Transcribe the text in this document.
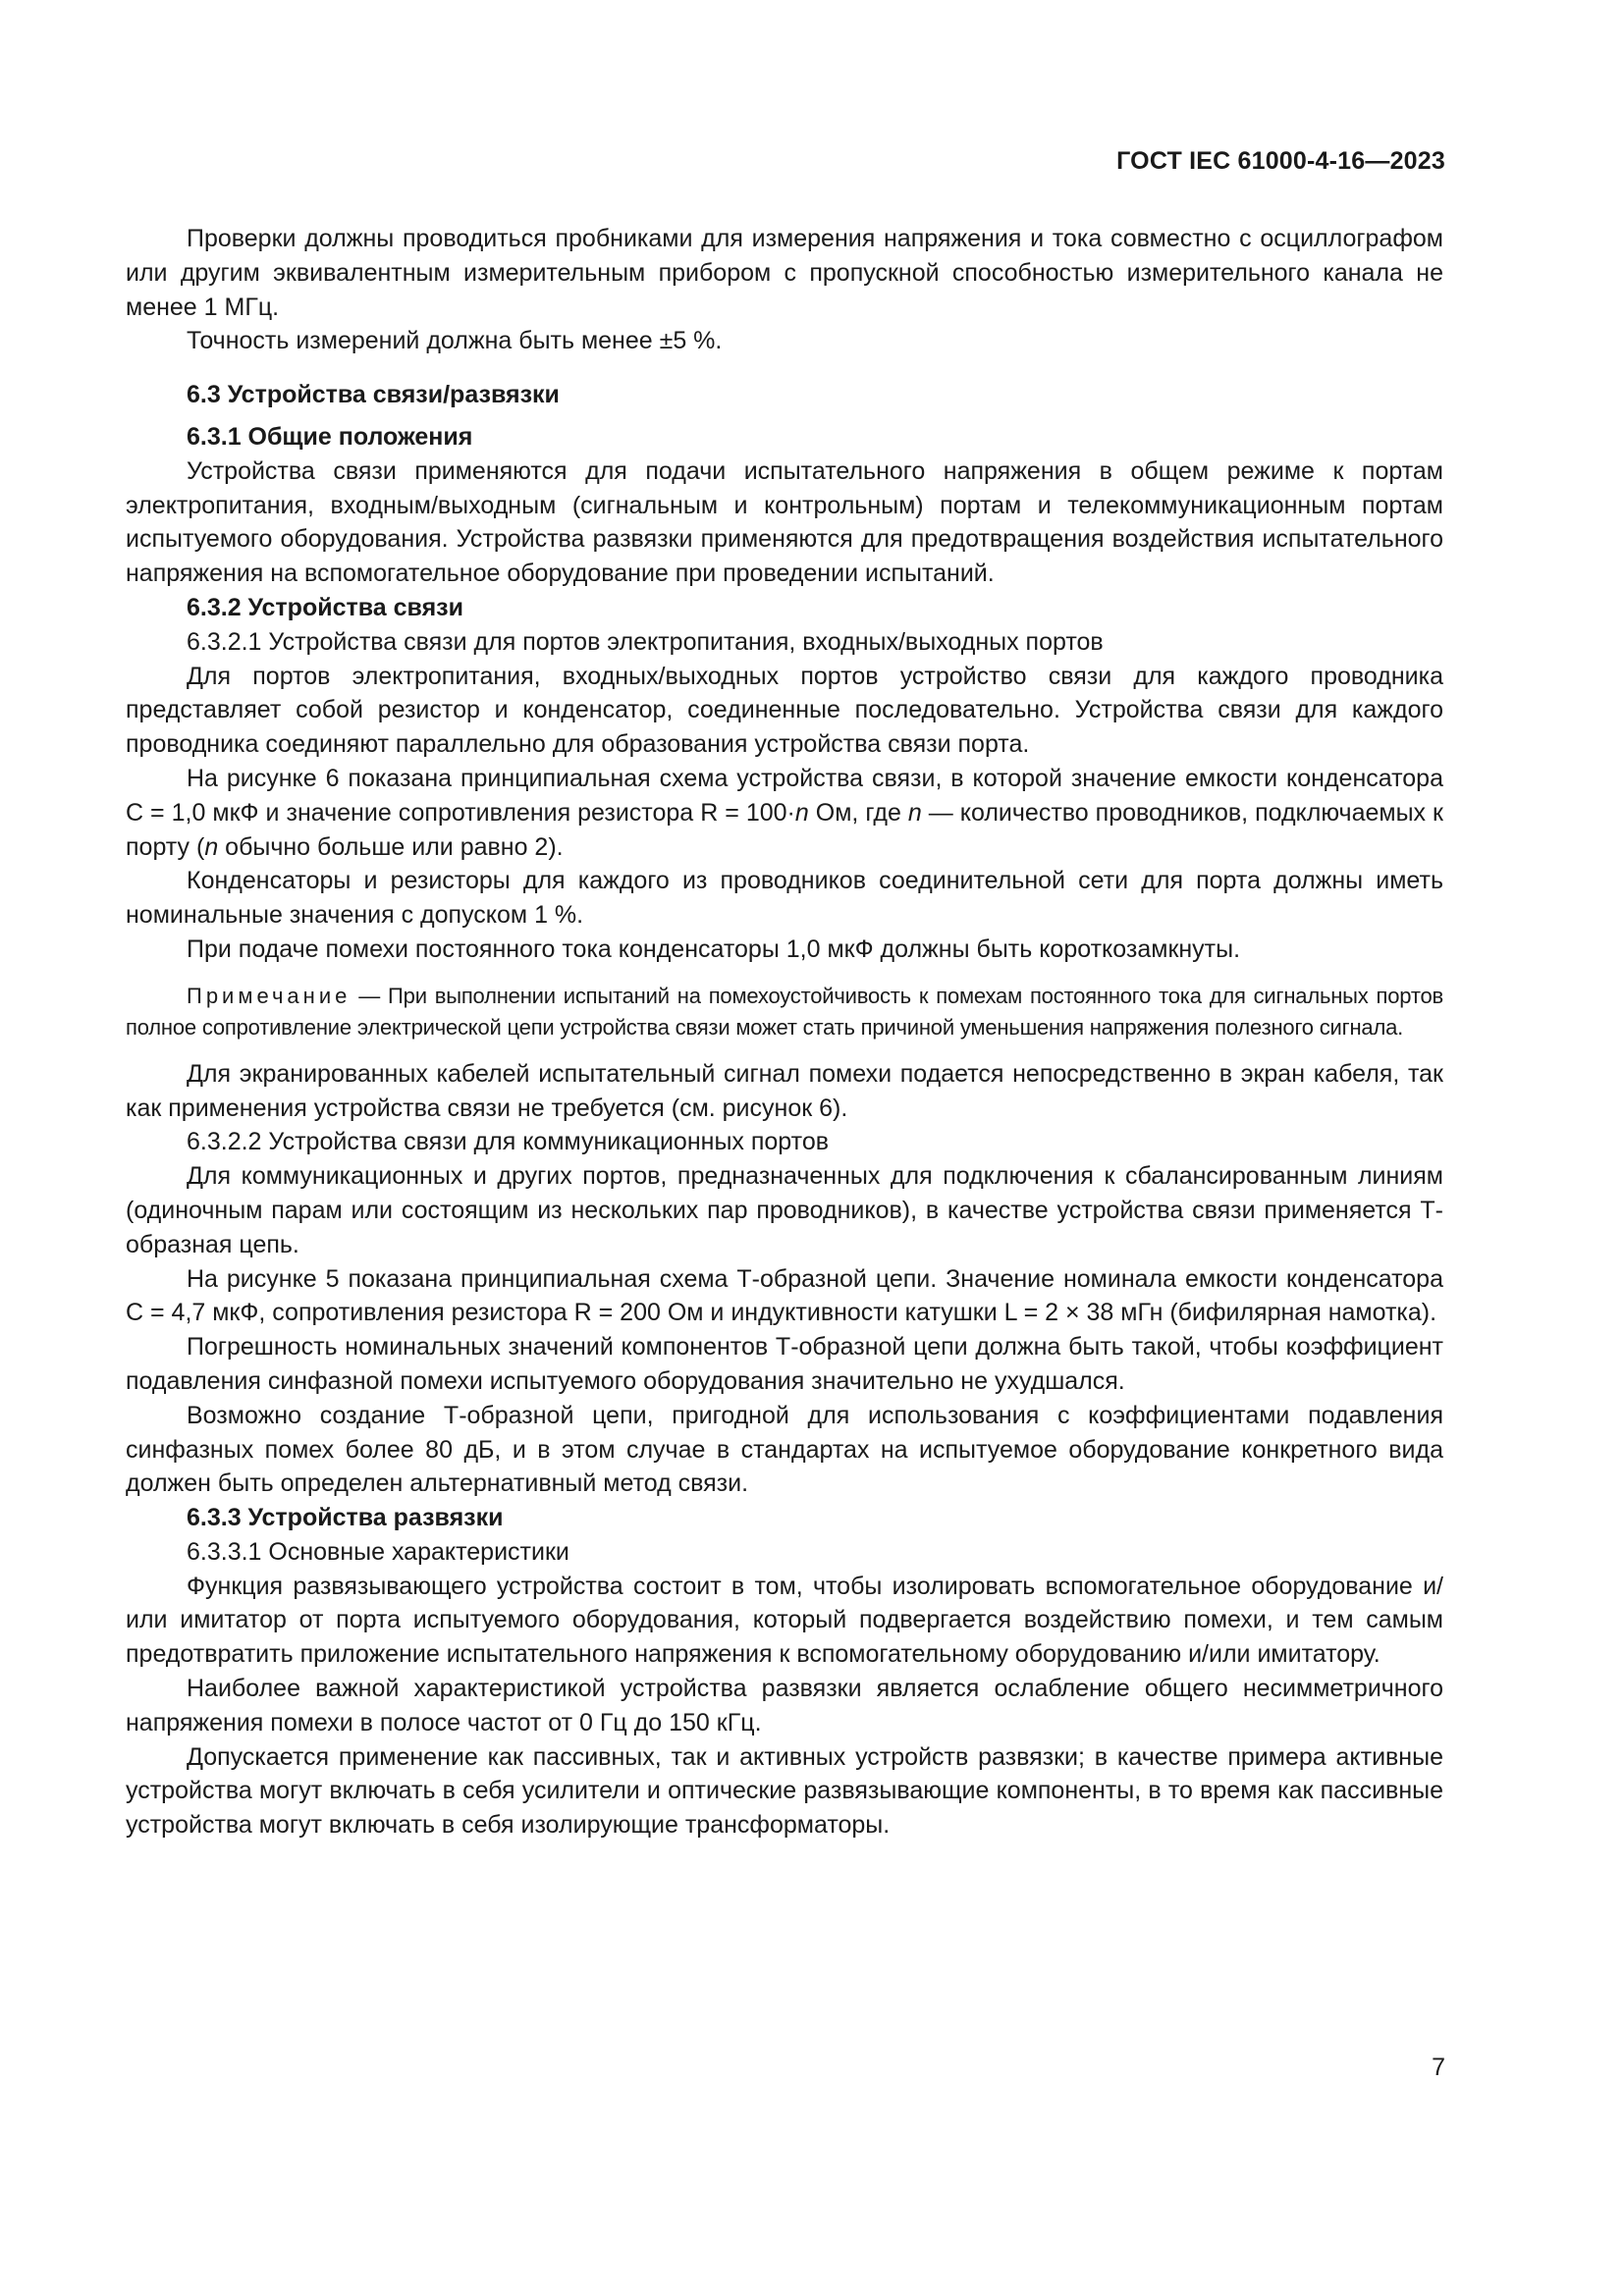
ГОСТ IEC 61000-4-16—2023

Проверки должны проводиться пробниками для измерения напряжения и тока совместно с осциллографом или другим эквивалентным измерительным прибором с пропускной способностью измерительного канала не менее 1 МГц.

Точность измерений должна быть менее ±5 %.

6.3 Устройства связи/развязки

6.3.1 Общие положения

Устройства связи применяются для подачи испытательного напряжения в общем режиме к портам электропитания, входным/выходным (сигнальным и контрольным) портам и телекоммуникационным портам испытуемого оборудования. Устройства развязки применяются для предотвращения воздействия испытательного напряжения на вспомогательное оборудование при проведении испытаний.

6.3.2 Устройства связи

6.3.2.1 Устройства связи для портов электропитания, входных/выходных портов

Для портов электропитания, входных/выходных портов устройство связи для каждого проводника представляет собой резистор и конденсатор, соединенные последовательно. Устройства связи для каждого проводника соединяют параллельно для образования устройства связи порта.

На рисунке 6 показана принципиальная схема устройства связи, в которой значение емкости конденсатора С = 1,0 мкФ и значение сопротивления резистора R = 100·n Ом, где n — количество проводников, подключаемых к порту (n обычно больше или равно 2).

Конденсаторы и резисторы для каждого из проводников соединительной сети для порта должны иметь номинальные значения с допуском 1 %.

При подаче помехи постоянного тока конденсаторы 1,0 мкФ должны быть короткозамкнуты.

Примечание — При выполнении испытаний на помехоустойчивость к помехам постоянного тока для сигнальных портов полное сопротивление электрической цепи устройства связи может стать причиной уменьшения напряжения полезного сигнала.

Для экранированных кабелей испытательный сигнал помехи подается непосредственно в экран кабеля, так как применения устройства связи не требуется (см. рисунок 6).

6.3.2.2 Устройства связи для коммуникационных портов

Для коммуникационных и других портов, предназначенных для подключения к сбалансированным линиям (одиночным парам или состоящим из нескольких пар проводников), в качестве устройства связи применяется Т-образная цепь.

На рисунке 5 показана принципиальная схема Т-образной цепи. Значение номинала емкости конденсатора С = 4,7 мкФ, сопротивления резистора R = 200 Ом и индуктивности катушки L = 2 × 38 мГн (бифилярная намотка).

Погрешность номинальных значений компонентов Т-образной цепи должна быть такой, чтобы коэффициент подавления синфазной помехи испытуемого оборудования значительно не ухудшался.

Возможно создание Т-образной цепи, пригодной для использования с коэффициентами подавления синфазных помех более 80 дБ, и в этом случае в стандартах на испытуемое оборудование конкретного вида должен быть определен альтернативный метод связи.

6.3.3 Устройства развязки

6.3.3.1 Основные характеристики

Функция развязывающего устройства состоит в том, чтобы изолировать вспомогательное оборудование и/или имитатор от порта испытуемого оборудования, который подвергается воздействию помехи, и тем самым предотвратить приложение испытательного напряжения к вспомогательному оборудованию и/или имитатору.

Наиболее важной характеристикой устройства развязки является ослабление общего несимметричного напряжения помехи в полосе частот от 0 Гц до 150 кГц.

Допускается применение как пассивных, так и активных устройств развязки; в качестве примера активные устройства могут включать в себя усилители и оптические развязывающие компоненты, в то время как пассивные устройства могут включать в себя изолирующие трансформаторы.

7
